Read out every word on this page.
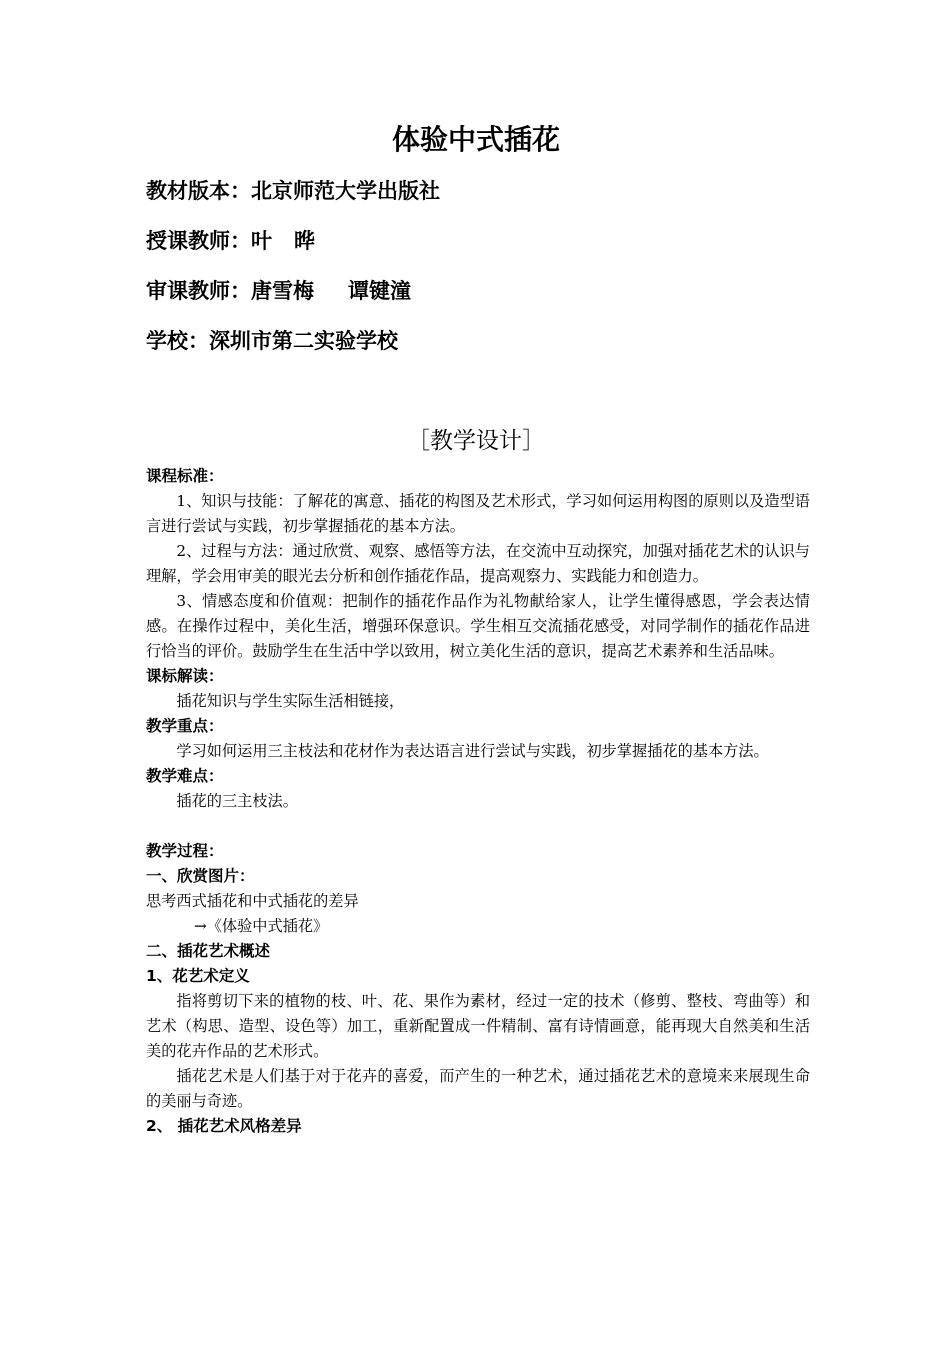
体验中式插花
教材版本：北京师范大学出版社
授课教师：叶 晔
审课教师：唐雪梅 谭键潼
学校：深圳市第二实验学校
［教学设计］

课程标准：

1、知识与技能：了解花的寓意、插花的构图及艺术形式，学习如何运用构图的原则以及造型语言进行尝试与实践，初步掌握插花的基本方法。

2、过程与方法：通过欣赏、观察、感悟等方法，在交流中互动探究，加强对插花艺术的认识与理解，学会用审美的眼光去分析和创作插花作品，提高观察力、实践能力和创造力。

3、情感态度和价值观：把制作的插花作品作为礼物献给家人，让学生懂得感恩，学会表达情感。在操作过程中，美化生活，增强环保意识。学生相互交流插花感受，对同学制作的插花作品进行恰当的评价。鼓励学生在生活中学以致用，树立美化生活的意识，提高艺术素养和生活品味。

课标解读：

插花知识与学生实际生活相链接，

教学重点：

学习如何运用三主枝法和花材作为表达语言进行尝试与实践，初步掌握插花的基本方法。

教学难点：

插花的三主枝法。

教学过程：

一、欣赏图片：

思考西式插花和中式插花的差异

→《体验中式插花》

二、插花艺术概述

1、花艺术定义

指将剪切下来的植物的枝、叶、花、果作为素材，经过一定的技术（修剪、整枝、弯曲等）和艺术（构思、造型、设色等）加工，重新配置成一件精制、富有诗情画意，能再现大自然美和生活美的花卉作品的艺术形式。

插花艺术是人们基于对于花卉的喜爱，而产生的一种艺术，通过插花艺术的意境来来展现生命的美丽与奇迹。

2、 插花艺术风格差异
